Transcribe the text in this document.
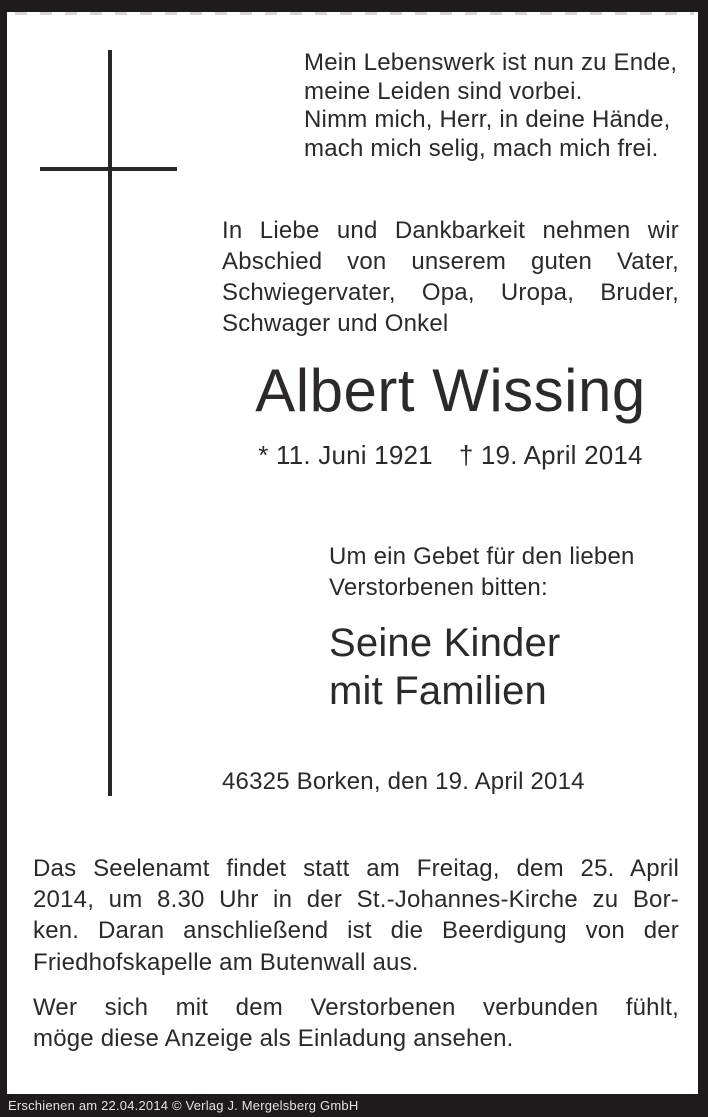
Mein Lebenswerk ist nun zu Ende,
meine Leiden sind vorbei.
Nimm mich, Herr, in deine Hände,
mach mich selig, mach mich frei.
In Liebe und Dankbarkeit nehmen wir
Abschied von unserem guten Vater,
Schwiegervater, Opa, Uropa, Bruder,
Schwager und Onkel
Albert Wissing
* 11. Juni 1921 † 19. April 2014
Um ein Gebet für den lieben
Verstorbenen bitten:
Seine Kinder
mit Familien
46325 Borken, den 19. April 2014
Das Seelenamt findet statt am Freitag, dem 25. April
2014, um 8.30 Uhr in der St.-Johannes-Kirche zu Bor-
ken. Daran anschließend ist die Beerdigung von der
Friedhofskapelle am Butenwall aus.
Wer sich mit dem Verstorbenen verbunden fühlt,
möge diese Anzeige als Einladung ansehen.
Erschienen am 22.04.2014 © Verlag J. Mergelsberg GmbH
